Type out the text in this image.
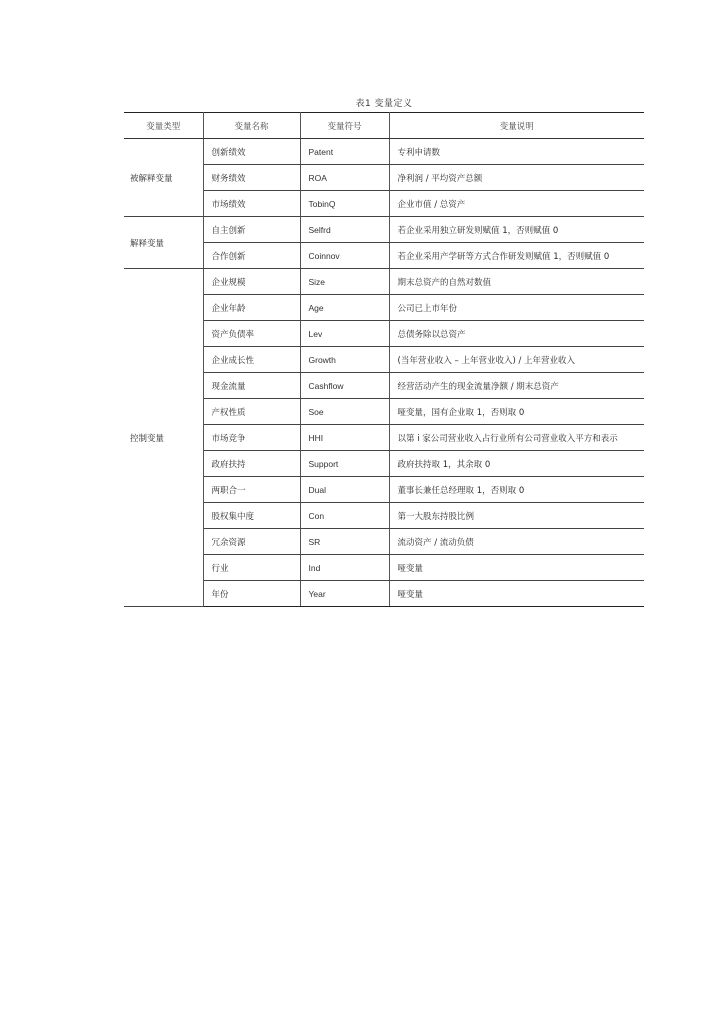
表1 变量定义
变量类型	变量名称	变量符号	变量说明
被解释变量	创新绩效	Patent	专利申请数
	财务绩效	ROA	净利润 / 平均资产总额
	市场绩效	TobinQ	企业市值 / 总资产
解释变量	自主创新	Selfrd	若企业采用独立研发则赋值 1，否则赋值 0
	合作创新	Coinnov	若企业采用产学研等方式合作研发则赋值 1，否则赋值 0
控制变量	企业规模	Size	期末总资产的自然对数值
	企业年龄	Age	公司已上市年份
	资产负债率	Lev	总债务除以总资产
	企业成长性	Growth	(当年营业收入 – 上年营业收入) / 上年营业收入
	现金流量	Cashflow	经营活动产生的现金流量净额 / 期末总资产
	产权性质	Soe	哑变量，国有企业取 1，否则取 0
	市场竞争	HHI	以第 i 家公司营业收入占行业所有公司营业收入平方和表示
	政府扶持	Support	政府扶持取 1，其余取 0
	两职合一	Dual	董事长兼任总经理取 1，否则取 0
	股权集中度	Con	第一大股东持股比例
	冗余资源	SR	流动资产 / 流动负债
	行业	Ind	哑变量
	年份	Year	哑变量
